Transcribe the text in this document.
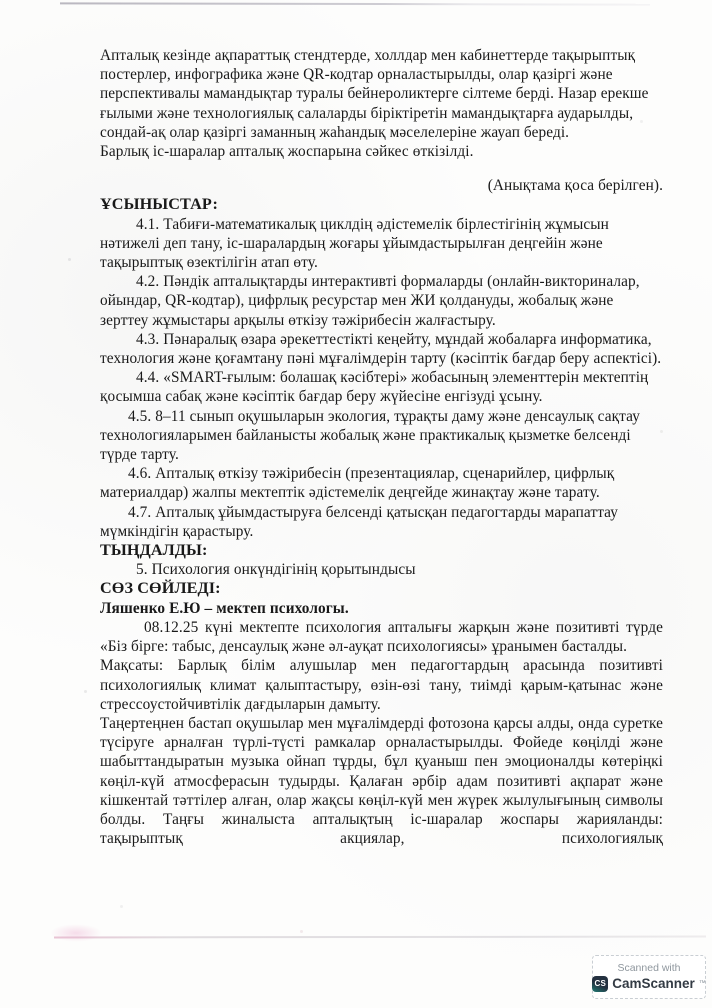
Апталық кезінде ақпараттық стендтерде, холлдар мен кабинеттерде тақырыптық постерлер, инфографика және QR-кодтар орналастырылды, олар қазіргі және перспективалы мамандықтар туралы бейнероликтерге сілтеме берді. Назар ерекше ғылыми және технологиялық салаларды біріктіретін мамандықтарға аударылды, сондай-ақ олар қазіргі заманның жаһандық мәселелеріне жауап береді.

Барлық іс-шаралар апталық жоспарына сәйкес өткізілді.

(Анықтама қоса берілген).

ҰСЫНЫСТАР:

4.1. Табиғи-математикалық циклдің әдістемелік бірлестігінің жұмысын нәтижелі деп тану, іс-шаралардың жоғары ұйымдастырылған деңгейін және тақырыптық өзектілігін атап өту.

4.2. Пәндік апталықтарды интерактивті формаларды (онлайн-викториналар, ойындар, QR-кодтар), цифрлық ресурстар мен ЖИ қолдануды, жобалық және зерттеу жұмыстары арқылы өткізу тәжірибесін жалғастыру.

4.3. Пәнаралық өзара әрекеттестікті кеңейту, мұндай жобаларға информатика, технология және қоғамтану пәні мұғалімдерін тарту (кәсіптік бағдар беру аспектісі).

4.4. «SMART-ғылым: болашақ кәсібтері» жобасының элементтерін мектептің қосымша сабақ және кәсіптік бағдар беру жүйесіне енгізуді ұсыну.

4.5. 8–11 сынып оқушыларын экология, тұрақты даму және денсаулық сақтау технологияларымен байланысты жобалық және практикалық қызметке белсенді түрде тарту.

4.6. Апталық өткізу тәжірибесін (презентациялар, сценарийлер, цифрлық материалдар) жалпы мектептік әдістемелік деңгейде жинақтау және тарату.

4.7. Апталық ұйымдастыруға белсенді қатысқан педагогтарды марапаттау мүмкіндігін қарастыру.

ТЫҢДАЛДЫ:

5. Психология онкүндігінің қорытындысы

СӨЗ СӨЙЛЕДІ:

Ляшенко Е.Ю – мектеп психологы.

08.12.25 күні мектепте психология апталығы жарқын және позитивті түрде «Біз бірге: табыс, денсаулық және әл-ауқат психологиясы» ұранымен басталды.

Мақсаты: Барлық білім алушылар мен педагогтардың арасында позитивті психологиялық климат қалыптастыру, өзін-өзі тану, тиімді қарым-қатынас және стрессоустойчивтілік дағдыларын дамыту.

Таңертеңнен бастап оқушылар мен мұғалімдерді фотозона қарсы алды, онда суретке түсіруге арналған түрлі-түсті рамкалар орналастырылды. Фойеде көңілді және шабыттандыратын музыка ойнап тұрды, бұл қуаныш пен эмоционалды көтеріңкі көңіл-күй атмосферасын тудырды. Қалаған әрбір адам позитивті ақпарат және кішкентай тәттілер алған, олар жақсы көңіл-күй мен жүрек жылулығының символы болды. Таңғы жиналыста апталықтың іс-шаралар жоспары жарияланды: тақырыптық акциялар, психологиялық

Scanned with
CS CamScanner ™
